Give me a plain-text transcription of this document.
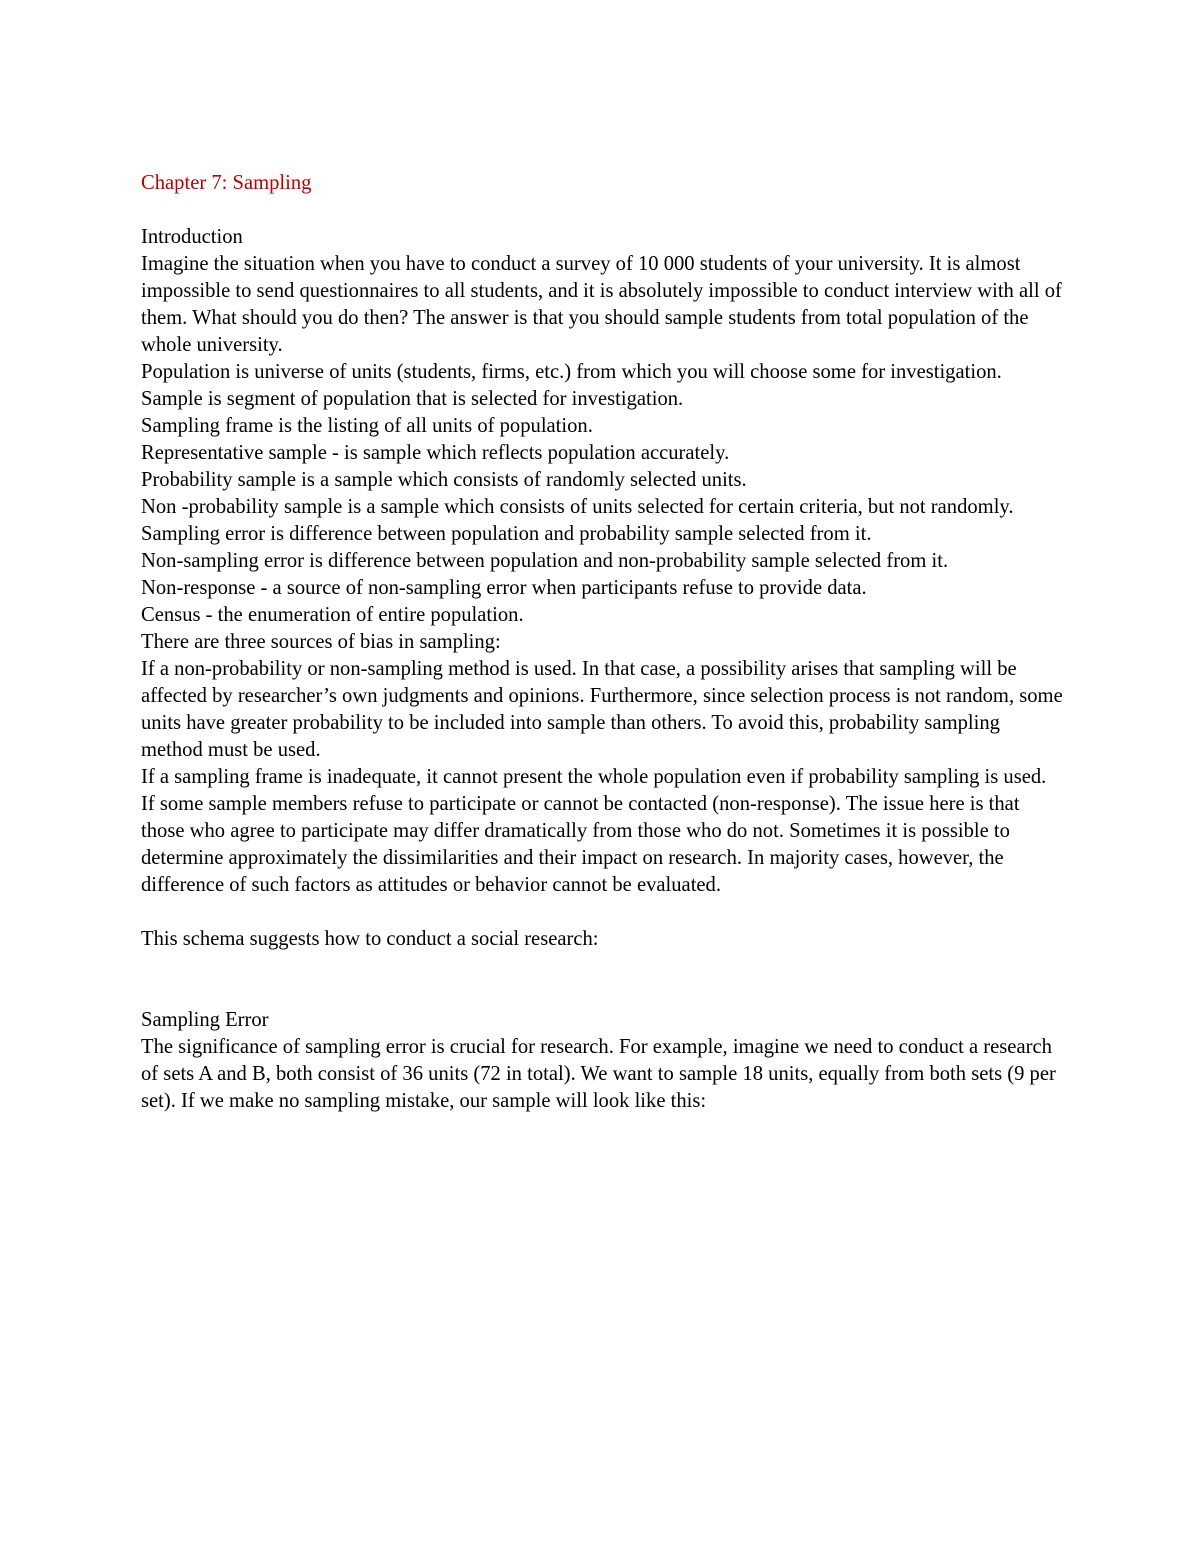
Chapter 7: Sampling

Introduction

Imagine the situation when you have to conduct a survey of 10 000 students of your university. It is almost impossible to send questionnaires to all students, and it is absolutely impossible to conduct interview with all of them. What should you do then? The answer is that you should sample students from total population of the whole university.

Population is universe of units (students, firms, etc.) from which you will choose some for investigation.

Sample is segment of population that is selected for investigation.

Sampling frame is the listing of all units of population.

Representative sample - is sample which reflects population accurately.

Probability sample is a sample which consists of randomly selected units.

Non -probability sample is a sample which consists of units selected for certain criteria, but not randomly.

Sampling error is difference between population and probability sample selected from it.

Non-sampling error is difference between population and non-probability sample selected from it.

Non-response - a source of non-sampling error when participants refuse to provide data.

Census - the enumeration of entire population.

There are three sources of bias in sampling:

If a non-probability or non-sampling method is used. In that case, a possibility arises that sampling will be affected by researcher’s own judgments and opinions. Furthermore, since selection process is not random, some units have greater probability to be included into sample than others. To avoid this, probability sampling method must be used.

If a sampling frame is inadequate, it cannot present the whole population even if probability sampling is used.

If some sample members refuse to participate or cannot be contacted (non-response). The issue here is that those who agree to participate may differ dramatically from those who do not. Sometimes it is possible to determine approximately the dissimilarities and their impact on research. In majority cases, however, the difference of such factors as attitudes or behavior cannot be evaluated.

This schema suggests how to conduct a social research:

Sampling Error

The significance of sampling error is crucial for research. For example, imagine we need to conduct a research of sets A and B, both consist of 36 units (72 in total). We want to sample 18 units, equally from both sets (9 per set). If we make no sampling mistake, our sample will look like this:
